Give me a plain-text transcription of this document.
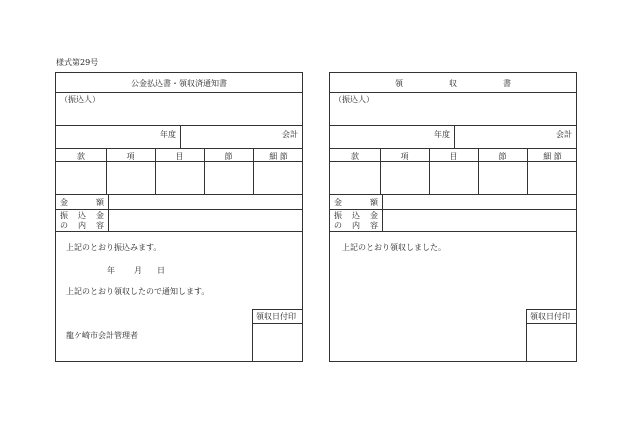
様式第29号
公金払込書・領収済通知書
（振込人）
年度	会計
款	項	目	節	細 節
金	額
振 込 金
の 内 容
上記のとおり振込みます。
年 月 日
上記のとおり領収したので通知します。
龍ケ崎市会計管理者
領収日付印
領	収	書
（振込人）
年度	会計
款	項	目	節	細 節
金	額
振 込 金
の 内 容
上記のとおり領収しました。
領収日付印
